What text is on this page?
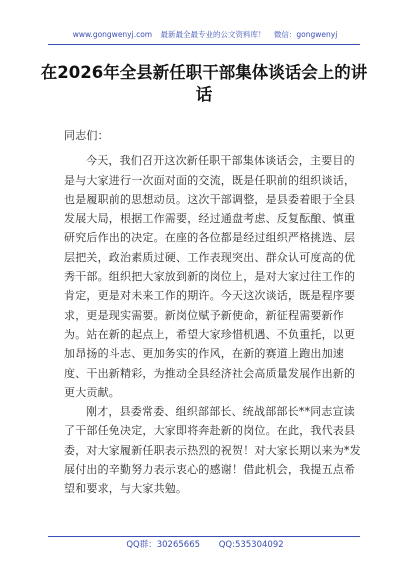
www.gongwenyj.com 最新最全最专业的公文资料库！ 微信：gongwenyj
在2026年全县新任职干部集体谈话会上的讲话

同志们：

今天，我们召开这次新任职干部集体谈话会，主要目的是与大家进行一次面对面的交流，既是任职前的组织谈话，也是履职前的思想动员。这次干部调整，是县委着眼于全县发展大局，根据工作需要，经过通盘考虑、反复酝酿、慎重研究后作出的决定。在座的各位都是经过组织严格挑选、层层把关，政治素质过硬、工作表现突出、群众认可度高的优秀干部。组织把大家放到新的岗位上，是对大家过往工作的肯定，更是对未来工作的期许。今天这次谈话，既是程序要求，更是现实需要。新岗位赋予新使命，新征程需要新作为。站在新的起点上，希望大家珍惜机遇、不负重托，以更加昂扬的斗志、更加务实的作风，在新的赛道上跑出加速度、干出新精彩，为推动全县经济社会高质量发展作出新的更大贡献。

刚才，县委常委、组织部部长、统战部部长**同志宣读了干部任免决定，大家即将奔赴新的岗位。在此，我代表县委，对大家履新任职表示热烈的祝贺！对大家长期以来为*发展付出的辛勤努力表示衷心的感谢！借此机会，我提五点希望和要求，与大家共勉。

QQ群：30265665 QQ:535304092
